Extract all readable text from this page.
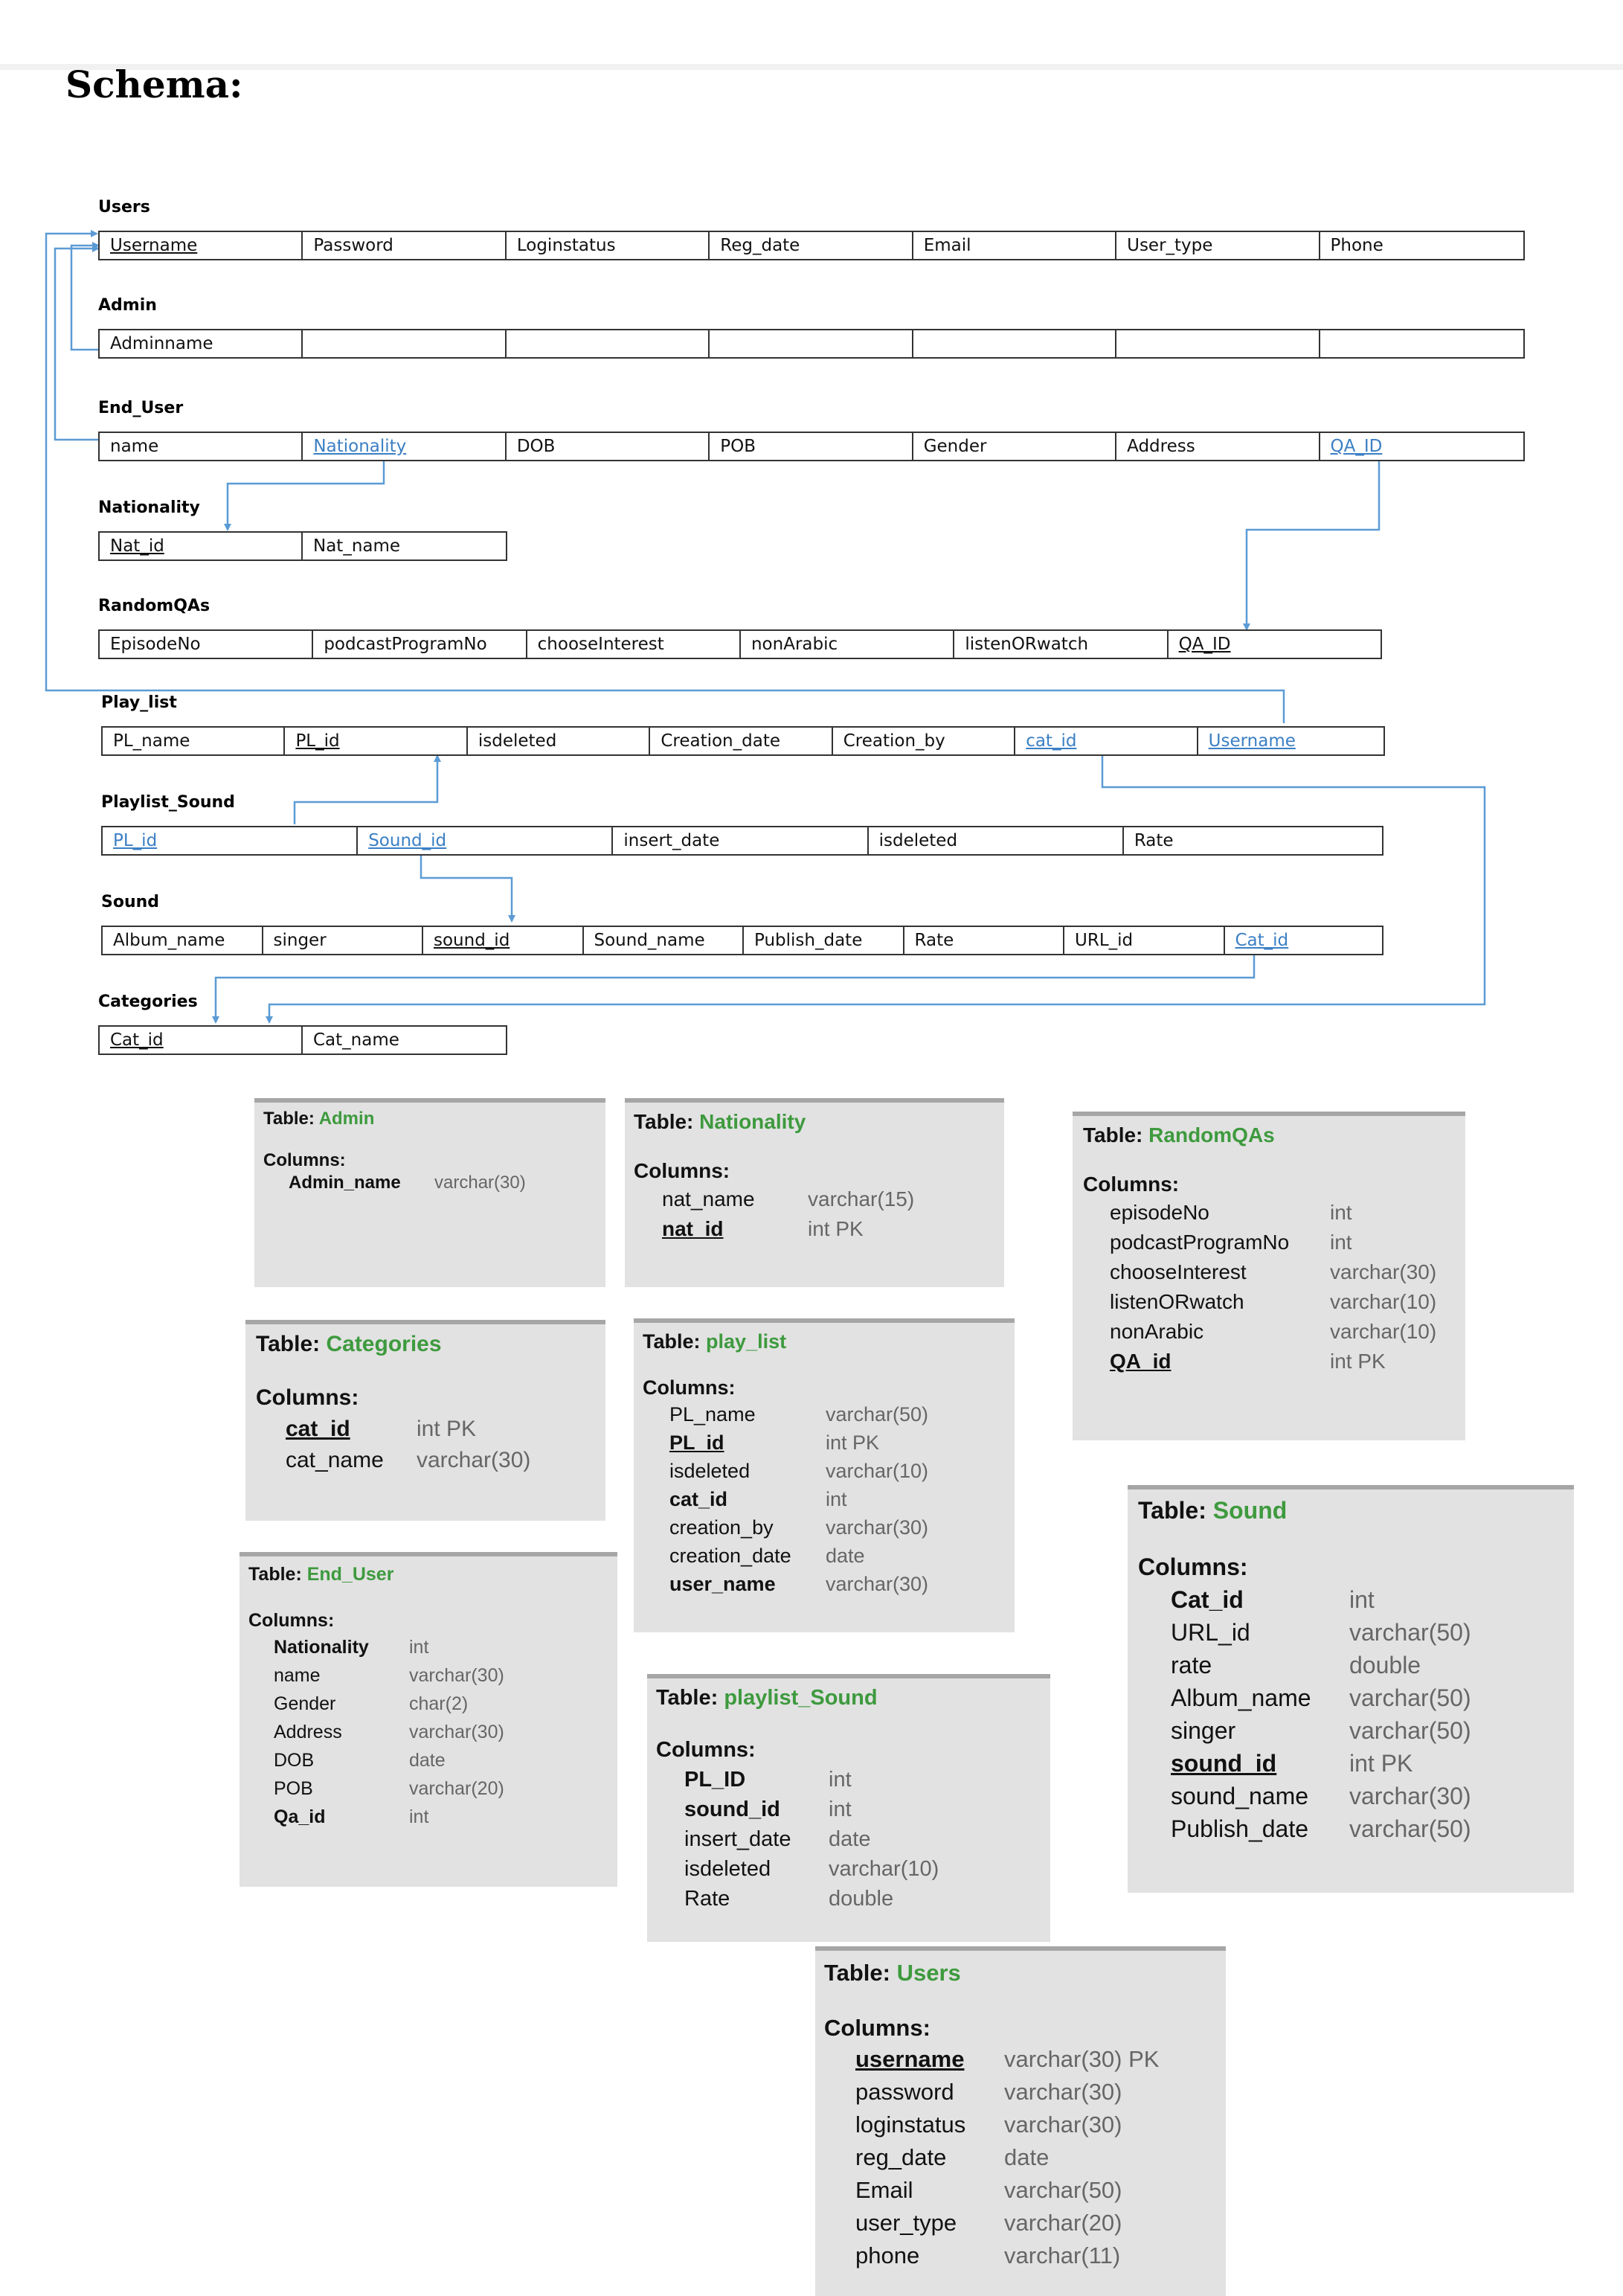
Schema:
Users
Username	Password	Loginstatus	Reg_date	Email	User_type	Phone
Admin
Adminname
End_User
name	Nationality	DOB	POB	Gender	Address	QA_ID
Nationality
Nat_id	Nat_name
RandomQAs
EpisodeNo	podcastProgramNo	chooseInterest	nonArabic	listenORwatch	QA_ID
Play_list
PL_name	PL_id	isdeleted	Creation_date	Creation_by	cat_id	Username
Playlist_Sound
PL_id	Sound_id	insert_date	isdeleted	Rate
Sound
Album_name	singer	sound_id	Sound_name	Publish_date	Rate	URL_id	Cat_id
Categories
Cat_id	Cat_name
Table: Admin
Columns:
Admin_name varchar(30)
Table: Nationality
Columns:
nat_name	varchar(15)
nat_id	int PK
Table: RandomQAs
Columns:
episodeNo	int
podcastProgramNo int
chooseInterest	varchar(30)
listenORwatch	varchar(10)
nonArabic	varchar(10)
QA_id	int PK
Table: Categories
Columns:
cat_id	int PK
cat_name varchar(30)
Table: play_list
Columns:
PL_name	varchar(50)
PL_id	int PK
isdeleted	varchar(10)
cat_id	int
creation_by	varchar(30)
creation_date date
user_name varchar(30)
Table: Sound
Columns:
Cat_id	int
URL_id	varchar(50)
rate	double
Album_name varchar(50)
singer	varchar(50)
sound_id	int PK
sound_name varchar(30)
Publish_date varchar(50)
Table: End_User
Columns:
Nationality int
name	varchar(30)
Gender	char(2)
Address	varchar(30)
DOB	date
POB	varchar(20)
Qa_id	int
Table: playlist_Sound
Columns:
PL_ID	int
sound_id int
insert_date date
isdeleted	varchar(10)
Rate	double
Table: Users
Columns:
username varchar(30) PK
password varchar(30)
loginstatus varchar(30)
reg_date	date
Email	varchar(50)
user_type varchar(20)
phone	varchar(11)
